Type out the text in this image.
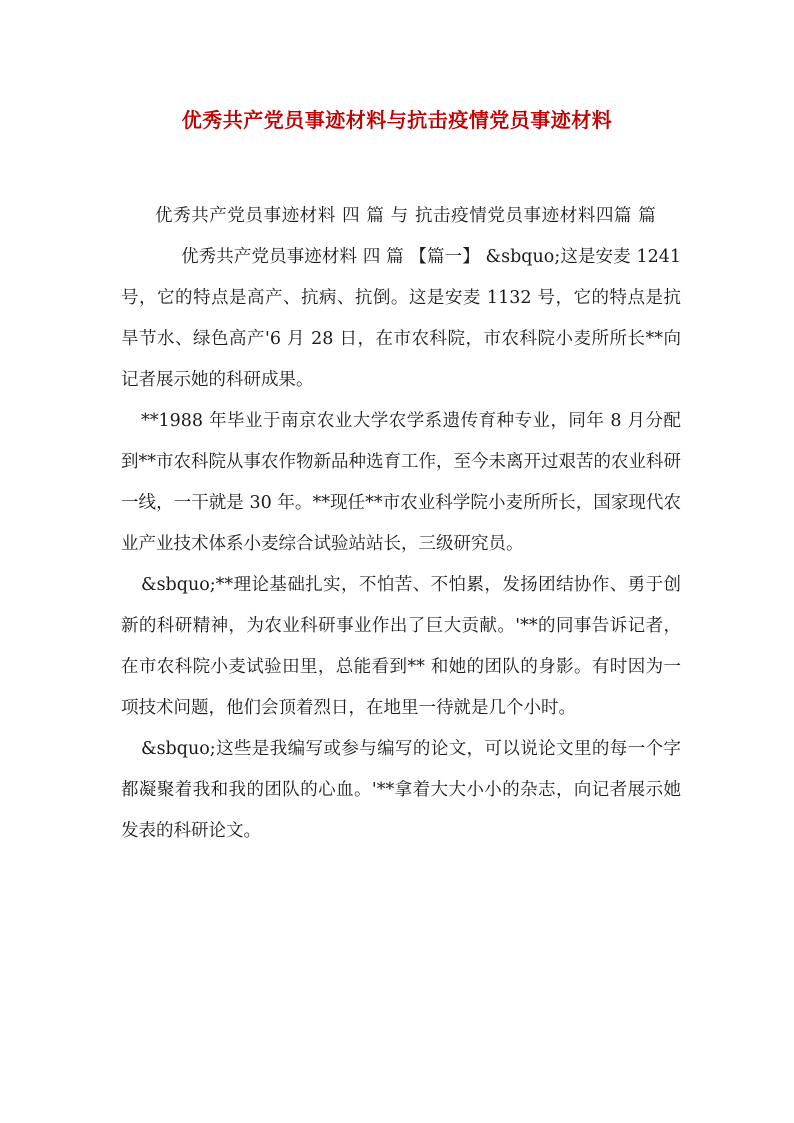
优秀共产党员事迹材料与抗击疫情党员事迹材料

优秀共产党员事迹材料 四 篇 与 抗击疫情党员事迹材料四篇 篇

优秀共产党员事迹材料 四 篇 【篇一】 &sbquo;这是安麦 1241 号，它的特点是高产、抗病、抗倒。这是安麦 1132 号，它的特点是抗旱节水、绿色高产'6 月 28 日，在市农科院，市农科院小麦所所长**向记者展示她的科研成果。

**1988 年毕业于南京农业大学农学系遗传育种专业，同年 8 月分配到**市农科院从事农作物新品种选育工作，至今未离开过艰苦的农业科研一线，一干就是 30 年。**现任**市农业科学院小麦所所长，国家现代农业产业技术体系小麦综合试验站站长，三级研究员。

&sbquo;**理论基础扎实，不怕苦、不怕累，发扬团结协作、勇于创新的科研精神，为农业科研事业作出了巨大贡献。'**的同事告诉记者，在市农科院小麦试验田里，总能看到** 和她的团队的身影。有时因为一项技术问题，他们会顶着烈日，在地里一待就是几个小时。

&sbquo;这些是我编写或参与编写的论文，可以说论文里的每一个字都凝聚着我和我的团队的心血。'**拿着大大小小的杂志，向记者展示她发表的科研论文。
